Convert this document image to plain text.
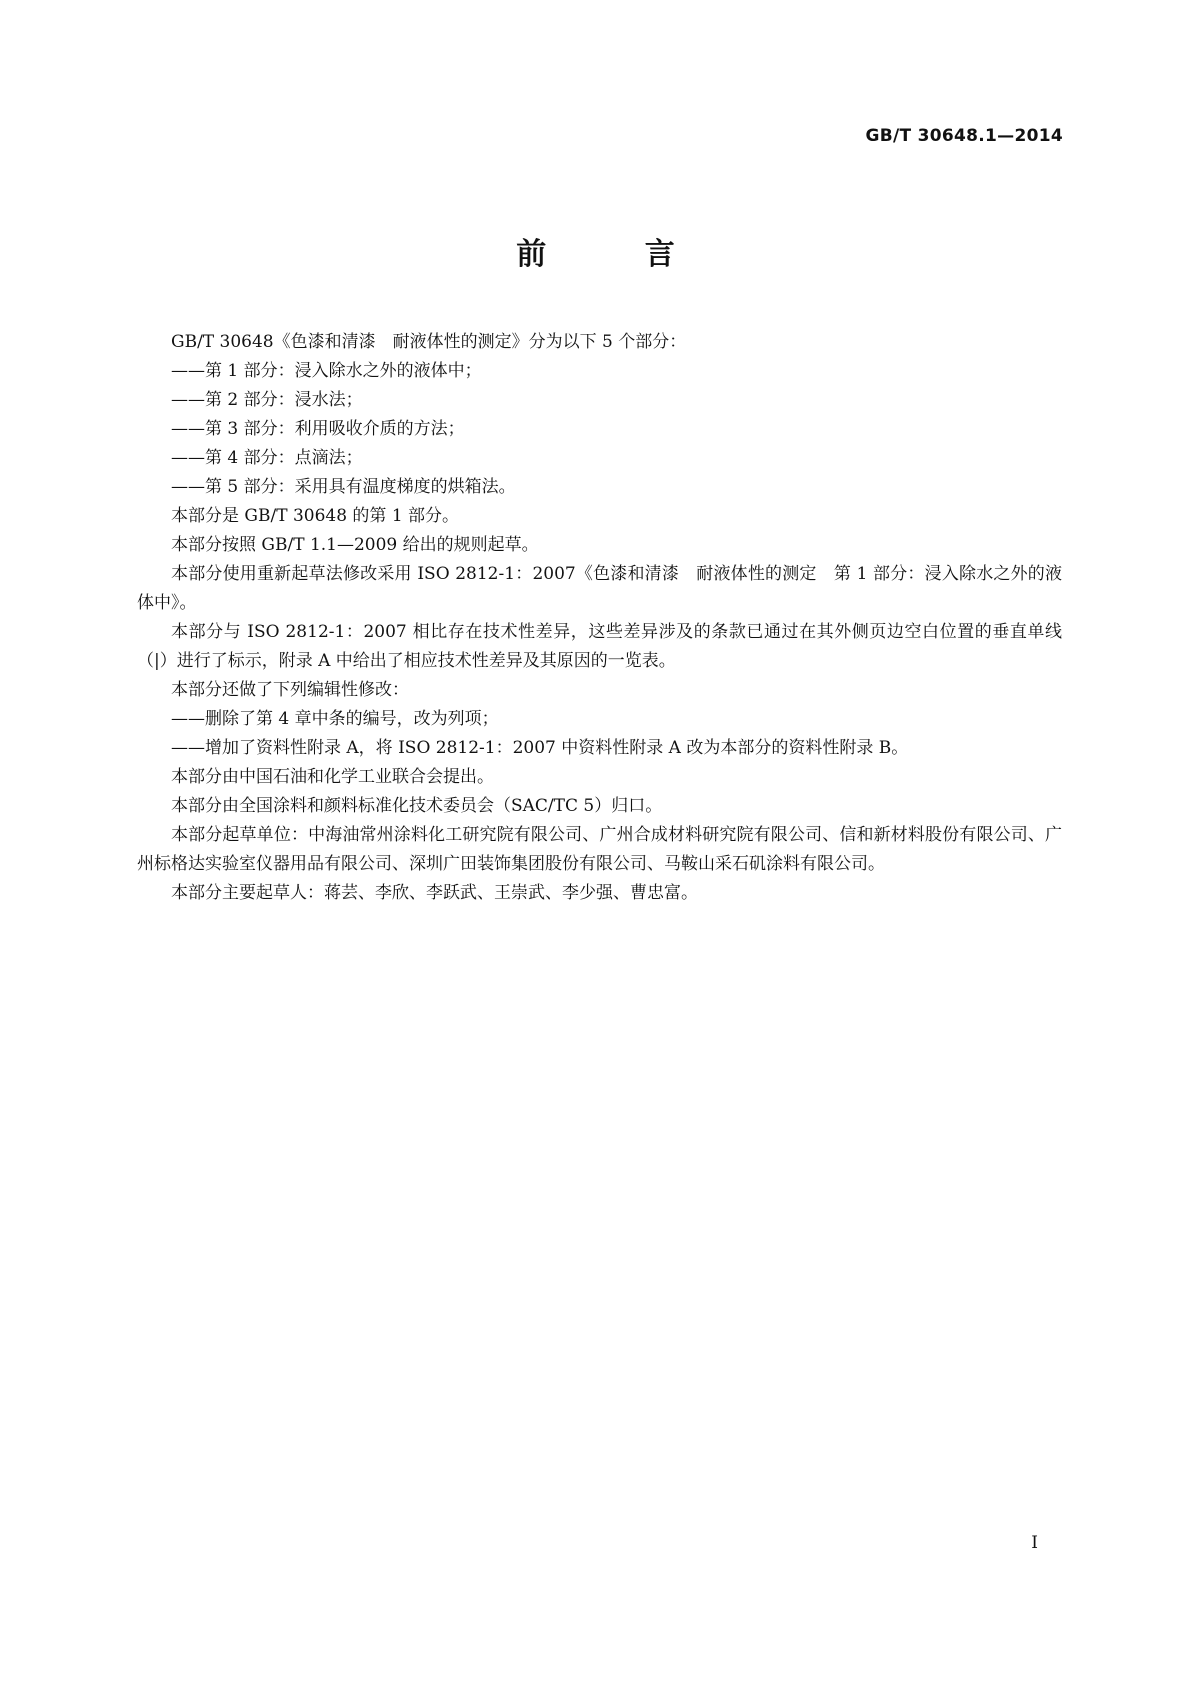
GB/T 30648.1—2014
前 言

GB/T 30648《色漆和清漆　耐液体性的测定》分为以下 5 个部分：

——第 1 部分：浸入除水之外的液体中；

——第 2 部分：浸水法；

——第 3 部分：利用吸收介质的方法；

——第 4 部分：点滴法；

——第 5 部分：采用具有温度梯度的烘箱法。

本部分是 GB/T 30648 的第 1 部分。

本部分按照 GB/T 1.1—2009 给出的规则起草。

本部分使用重新起草法修改采用 ISO 2812-1：2007《色漆和清漆　耐液体性的测定　第 1 部分：浸入除水之外的液体中》。

本部分与 ISO 2812-1：2007 相比存在技术性差异，这些差异涉及的条款已通过在其外侧页边空白位置的垂直单线（|）进行了标示，附录 A 中给出了相应技术性差异及其原因的一览表。

本部分还做了下列编辑性修改：

——删除了第 4 章中条的编号，改为列项；

——增加了资料性附录 A，将 ISO 2812-1：2007 中资料性附录 A 改为本部分的资料性附录 B。

本部分由中国石油和化学工业联合会提出。

本部分由全国涂料和颜料标准化技术委员会（SAC/TC 5）归口。

本部分起草单位：中海油常州涂料化工研究院有限公司、广州合成材料研究院有限公司、信和新材料股份有限公司、广州标格达实验室仪器用品有限公司、深圳广田装饰集团股份有限公司、马鞍山采石矶涂料有限公司。

本部分主要起草人：蒋芸、李欣、李跃武、王崇武、李少强、曹忠富。

I
